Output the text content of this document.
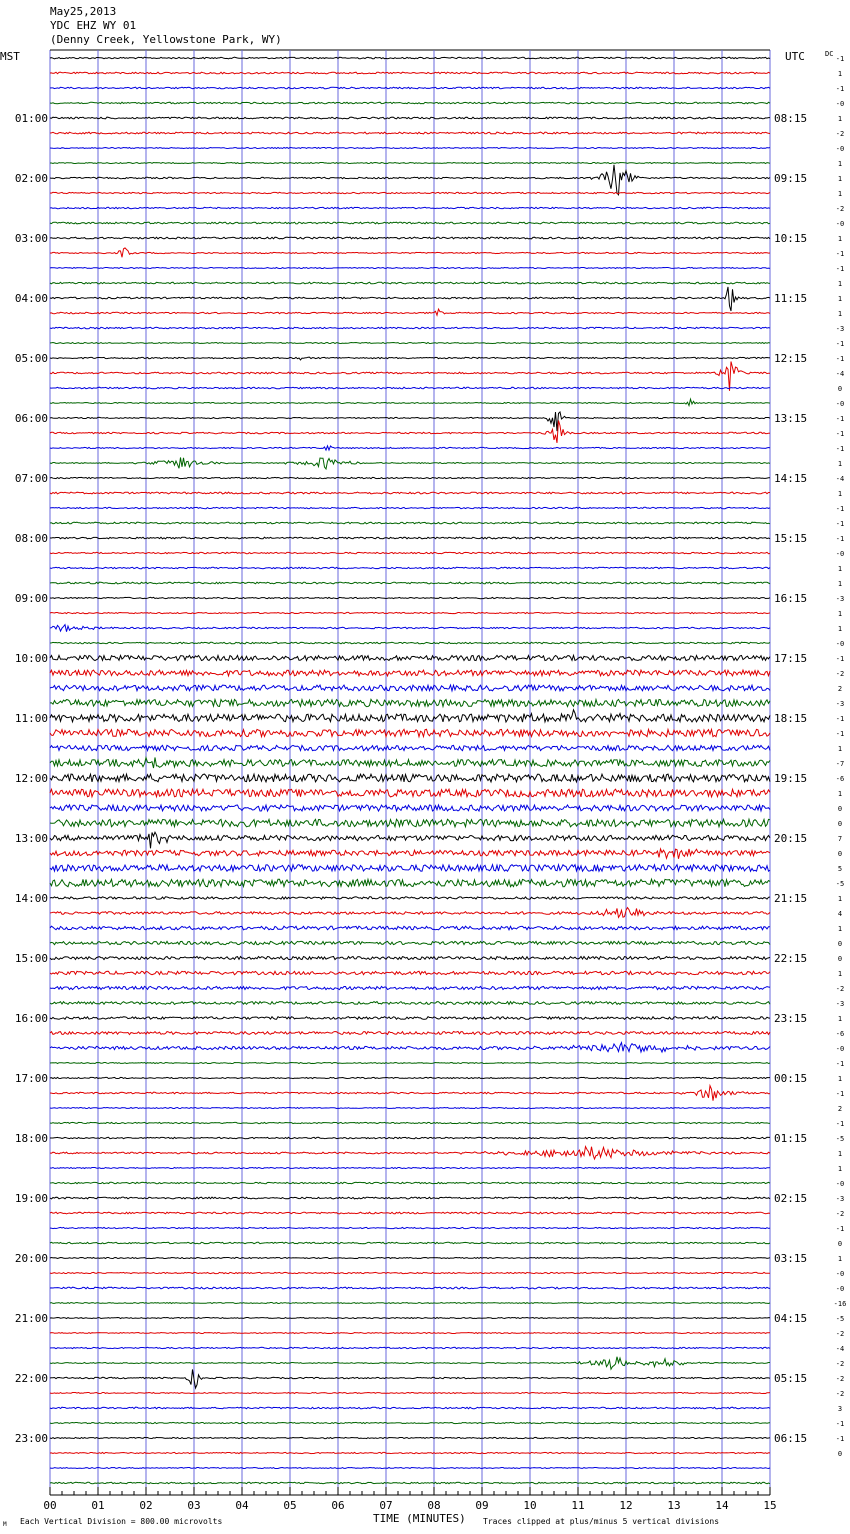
May25,2013
YDC EHZ WY 01
(Denny Creek, Yellowstone Park, WY)
00	01	02	03	04	05	06	07	08	09	10	11	12	13	14	15
-1
1
-1
-0
1
-2
-0
1
1
1
-2
-0
1
-1
-1
1
1
1
-3
-1
-1
-4
0
-0
-1
-1
-1
1
-4
1
-1
-1
-1
-0
1
1
-3
1
1
-0
-1
-2
2
-3
-1
-1
1
-7
-6
1
0
0
7
0
5
-5
1
4
1
0
0
1
-2
-3
1
-6
-0
-1
1
-1
2
-1
-5
1
1
-0
-3
-2
-1
0
1
-0
-0
-16
-5
-2
-4
-2
-2
-2
3
-1
-1
0
01:00
02:00
03:00
04:00
05:00
06:00
07:00
08:00
09:00
10:00
11:00
12:00
13:00
14:00
15:00
16:00
17:00
18:00
19:00
20:00
21:00
22:00
23:00
08:15
09:15
10:15
11:15
12:15
13:15
14:15
15:15
16:15
17:15
18:15
19:15
20:15
21:15
22:15
23:15
00:15
01:15
02:15
03:15
04:15
05:15
06:15
MST	UTC	DC
TIME (MINUTES)
Each Vertical Division = 800.00 microvolts	Traces clipped at plus/minus 5 vertical divisions
M
